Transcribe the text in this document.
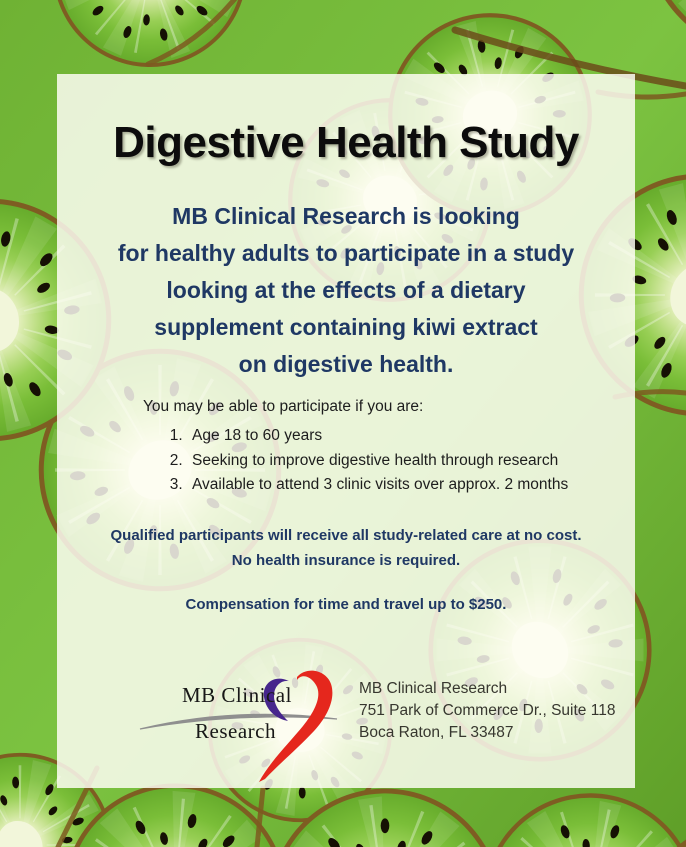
Digestive Health Study
MB Clinical Research is looking
for healthy adults to participate in a study
looking at the effects of a dietary
supplement containing kiwi extract
on digestive health.
You may be able to participate if you are:
1. Age 18 to 60 years
2. Seeking to improve digestive health through research
3. Available to attend 3 clinic visits over approx. 2 months
Qualified participants will receive all study-related care at no cost.
No health insurance is required.
Compensation for time and travel up to $250.
MB Clinical
Research
MB Clinical Research
751 Park of Commerce Dr., Suite 118
Boca Raton, FL 33487
